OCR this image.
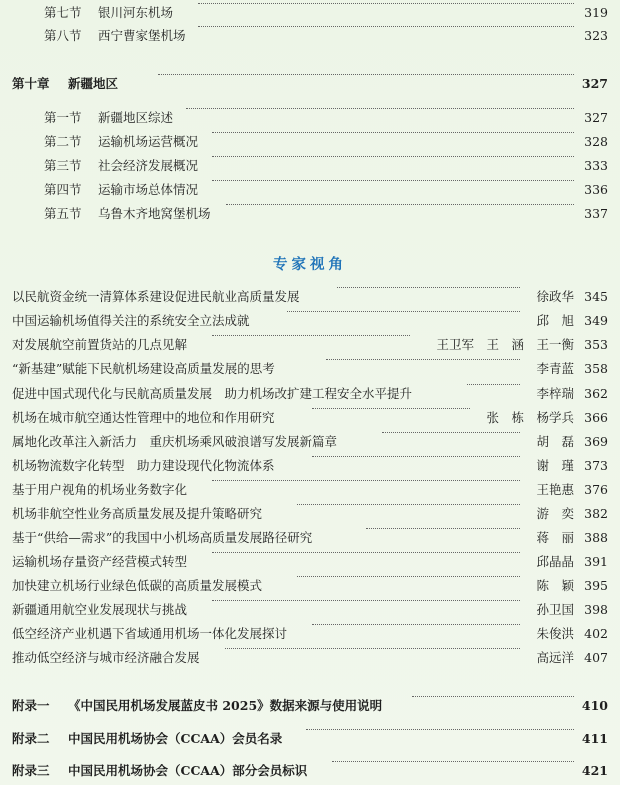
第七节 银川河东机场	319
第八节 西宁曹家堡机场	323
第十章 新疆地区	327
第一节 新疆地区综述	327
第二节 运输机场运营概况	328
第三节 社会经济发展概况	333
第四节 运输市场总体情况	336
第五节 乌鲁木齐地窝堡机场	337
专家视角
以民航资金统一清算体系建设促进民航业高质量发展	徐政华 345
中国运输机场值得关注的系统安全立法成就	邱　旭 349
对发展航空前置货站的几点见解	王卫军　王　涵　王一衡 353
“新基建”赋能下民航机场建设高质量发展的思考	李青蓝 358
促进中国式现代化与民航高质量发展　助力机场改扩建工程安全水平提升	李梓瑞 362
机场在城市航空通达性管理中的地位和作用研究	张　栋　杨学兵 366
属地化改革注入新活力　重庆机场乘风破浪谱写发展新篇章	胡　磊 369
机场物流数字化转型　助力建设现代化物流体系	谢　瑾 373
基于用户视角的机场业务数字化	王艳惠 376
机场非航空性业务高质量发展及提升策略研究	游　奕 382
基于“供给—需求”的我国中小机场高质量发展路径研究	蒋　丽 388
运输机场存量资产经营模式转型	邱晶晶 391
加快建立机场行业绿色低碳的高质量发展模式	陈　颖 395
新疆通用航空业发展现状与挑战	孙卫国 398
低空经济产业机遇下省域通用机场一体化发展探讨	朱俊洪 402
推动低空经济与城市经济融合发展	高远洋 407
附录一 《中国民用机场发展蓝皮书 2025》数据来源与使用说明	410
附录二 中国民用机场协会（CCAA）会员名录	411
附录三 中国民用机场协会（CCAA）部分会员标识	421
